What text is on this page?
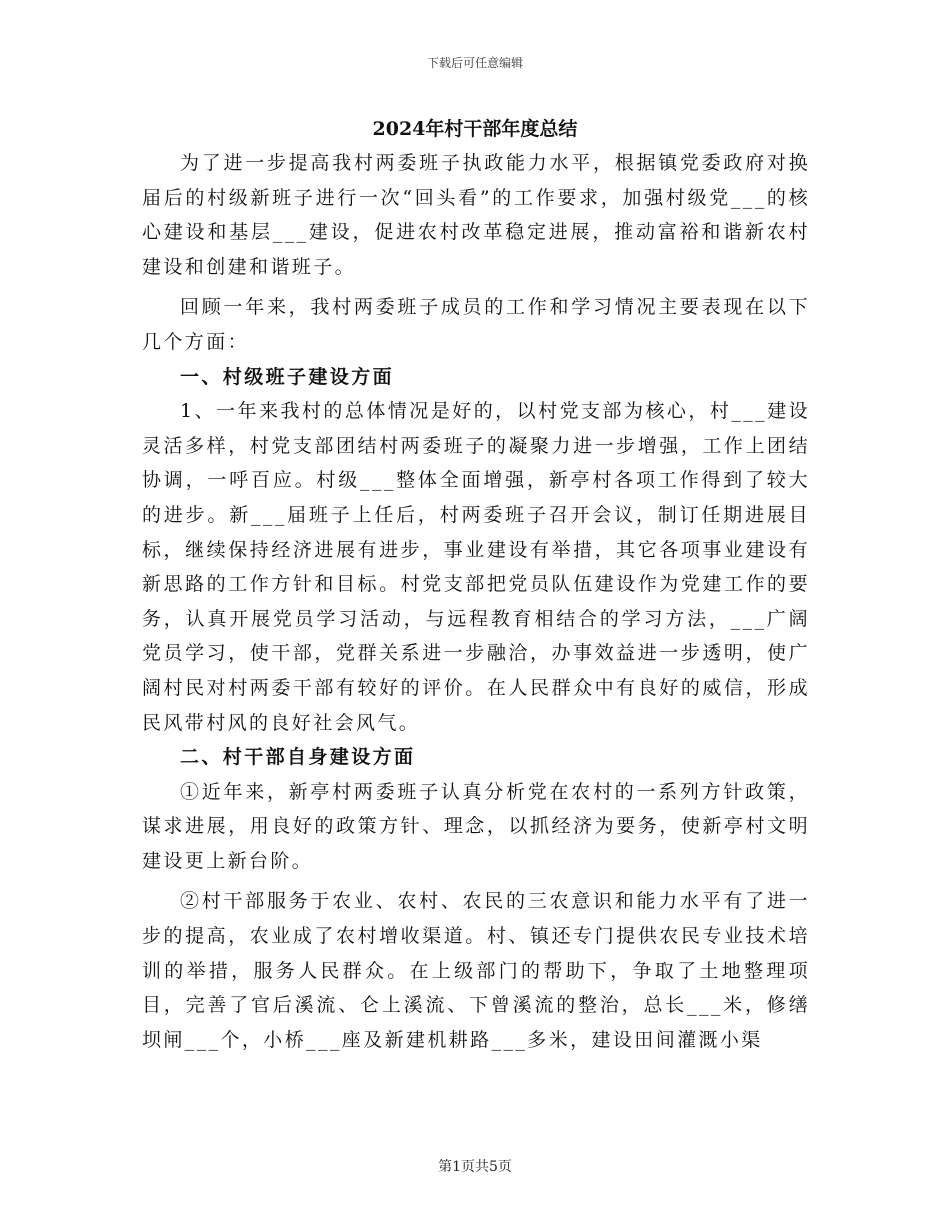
下载后可任意编辑
2024年村干部年度总结

为了进一步提高我村两委班子执政能力水平，根据镇党委政府对换届后的村级新班子进行一次“回头看”的工作要求，加强村级党___的核心建设和基层___建设，促进农村改革稳定进展，推动富裕和谐新农村建设和创建和谐班子。

回顾一年来，我村两委班子成员的工作和学习情况主要表现在以下几个方面：

一、村级班子建设方面

1、一年来我村的总体情况是好的，以村党支部为核心，村___建设灵活多样，村党支部团结村两委班子的凝聚力进一步增强，工作上团结协调，一呼百应。村级___整体全面增强，新亭村各项工作得到了较大的进步。新___届班子上任后，村两委班子召开会议，制订任期进展目标，继续保持经济进展有进步，事业建设有举措，其它各项事业建设有新思路的工作方针和目标。村党支部把党员队伍建设作为党建工作的要务，认真开展党员学习活动，与远程教育相结合的学习方法，___广阔党员学习，使干部，党群关系进一步融洽，办事效益进一步透明，使广阔村民对村两委干部有较好的评价。在人民群众中有良好的威信，形成民风带村风的良好社会风气。

二、村干部自身建设方面

①近年来，新亭村两委班子认真分析党在农村的一系列方针政策，谋求进展，用良好的政策方针、理念，以抓经济为要务，使新亭村文明建设更上新台阶。

②村干部服务于农业、农村、农民的三农意识和能力水平有了进一步的提高，农业成了农村增收渠道。村、镇还专门提供农民专业技术培训的举措，服务人民群众。在上级部门的帮助下，争取了土地整理项目，完善了官后溪流、仑上溪流、下曾溪流的整治，总长___米，修缮坝闸___个，小桥___座及新建机耕路___多米，建设田间灌溉小渠

第1页共5页
